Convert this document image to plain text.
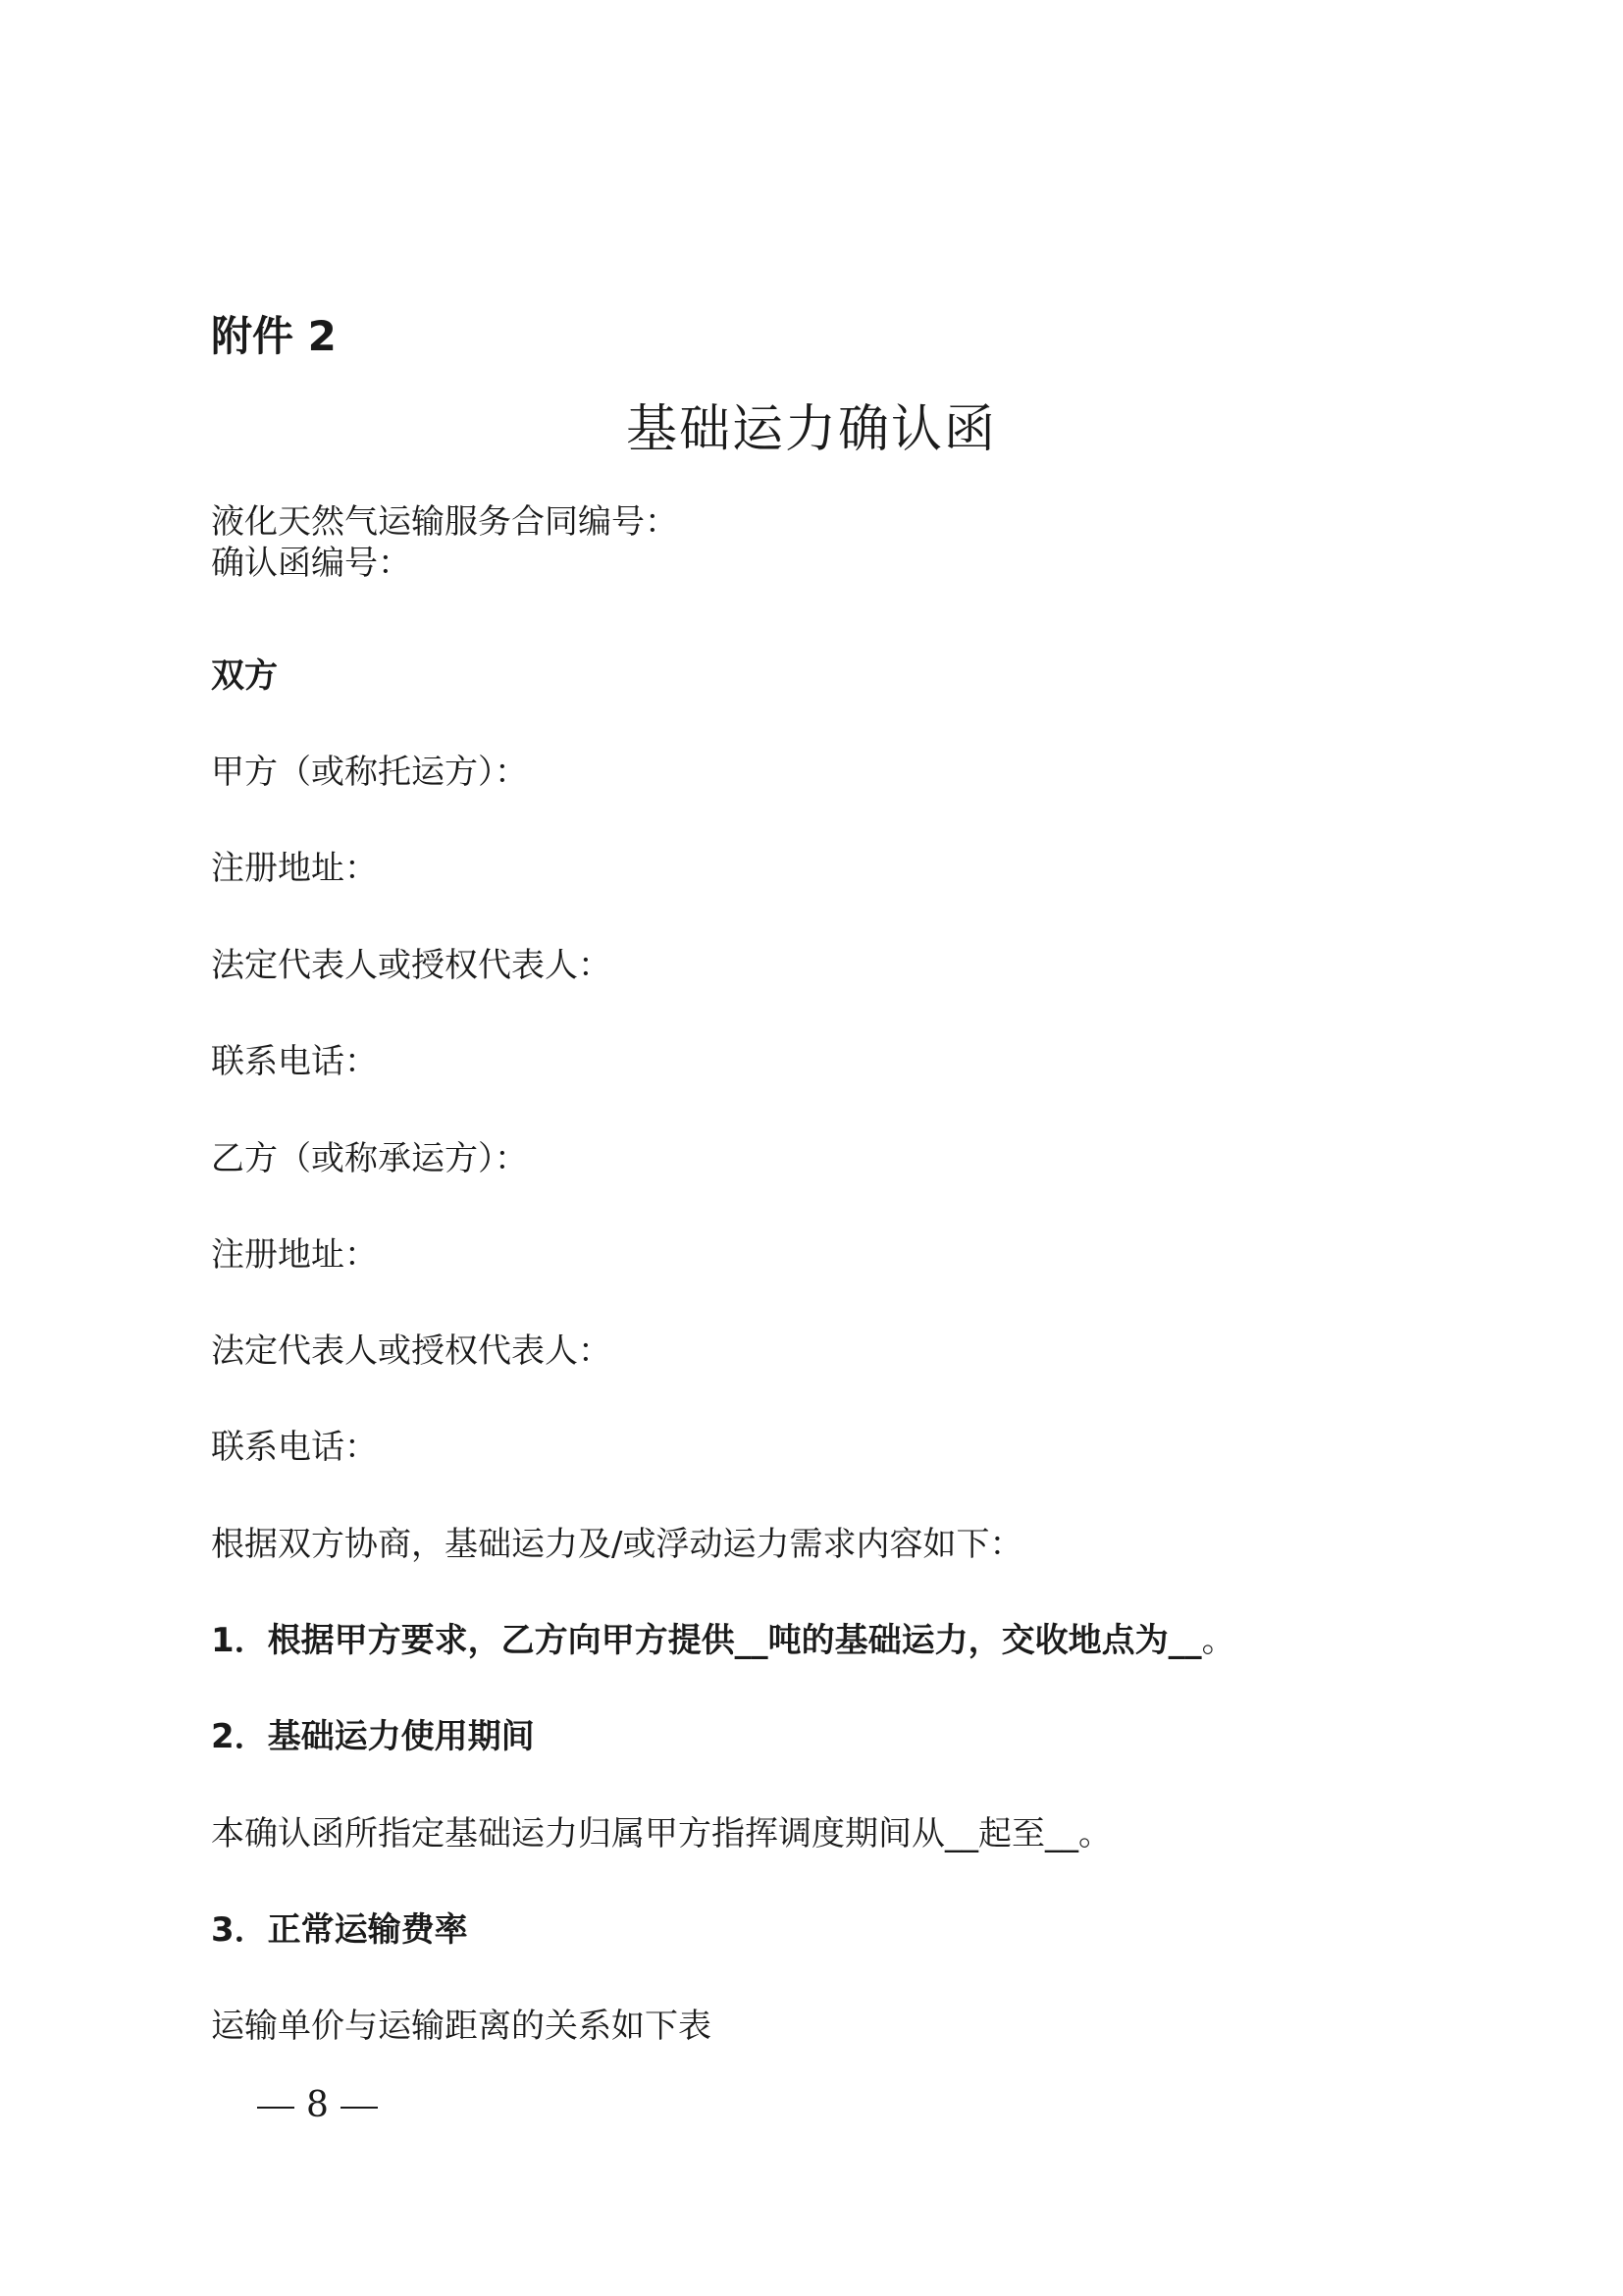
附件 2
基础运力确认函
液化天然气运输服务合同编号：
确认函编号：
双方
甲方（或称托运方）：
注册地址：
法定代表人或授权代表人：
联系电话：
乙方（或称承运方）：
注册地址：
法定代表人或授权代表人：
联系电话：
根据双方协商，基础运力及/或浮动运力需求内容如下：
1．根据甲方要求，乙方向甲方提供__吨的基础运力，交收地点为__。
2．基础运力使用期间
本确认函所指定基础运力归属甲方指挥调度期间从__起至__。
3．正常运输费率
运输单价与运输距离的关系如下表
8
